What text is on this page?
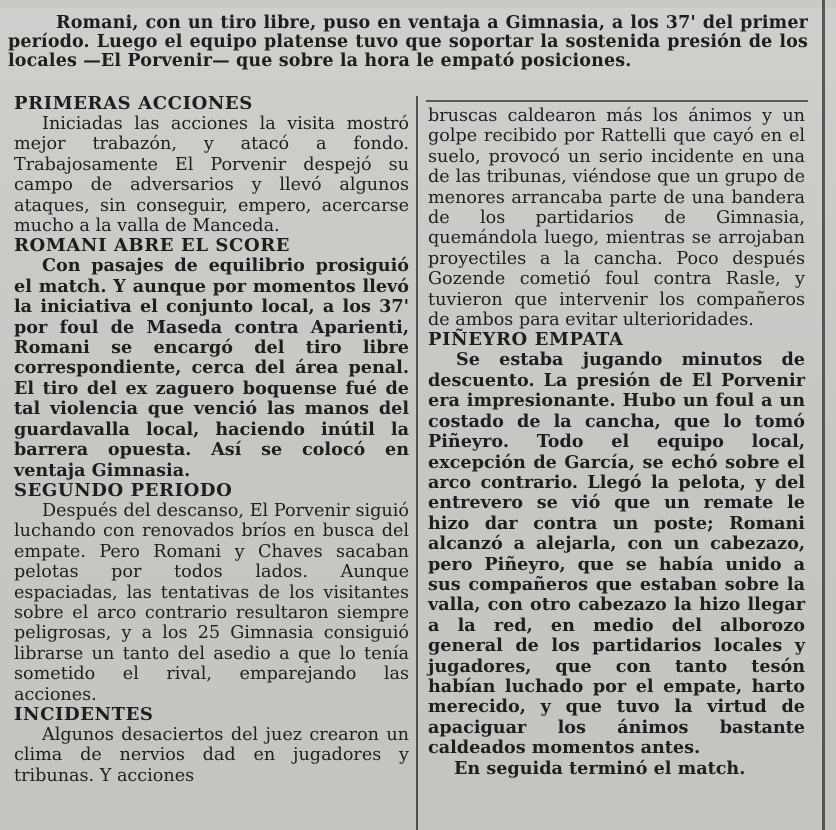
Romani, con un tiro libre, puso en ventaja a Gimnasia, a los 37' del primer período. Luego el equipo platense tuvo que soportar la sostenida presión de los locales —El Porvenir— que sobre la hora le empató posiciones.

PRIMERAS ACCIONES

Iniciadas las acciones la visita mostró mejor trabazón, y atacó a fondo. Trabajosamente El Porvenir despejó su campo de adversarios y llevó algunos ataques, sin conseguir, empero, acercarse mucho a la valla de Manceda.

ROMANI ABRE EL SCORE

Con pasajes de equilibrio prosiguió el match. Y aunque por momentos llevó la iniciativa el conjunto local, a los 37' por foul de Maseda contra Aparienti, Romani se encargó del tiro libre correspondiente, cerca del área penal. El tiro del ex zaguero boquense fué de tal violencia que venció las manos del guardavalla local, haciendo inútil la barrera opuesta. Así se colocó en ventaja Gimnasia.

SEGUNDO PERIODO

Después del descanso, El Porvenir siguió luchando con renovados bríos en busca del empate. Pero Romani y Chaves sacaban pelotas por todos lados. Aunque espaciadas, las tentativas de los visitantes sobre el arco contrario resultaron siempre peligrosas, y a los 25 Gimnasia consiguió librarse un tanto del asedio a que lo tenía sometido el rival, emparejando las acciones.

INCIDENTES

Algunos desaciertos del juez crearon un clima de nervios dad en jugadores y tribunas. Y acciones

bruscas caldearon más los ánimos y un golpe recibido por Rattelli que cayó en el suelo, provocó un serio incidente en una de las tribunas, viéndose que un grupo de menores arrancaba parte de una bandera de los partidarios de Gimnasia, quemándola luego, mientras se arrojaban proyectiles a la cancha. Poco después Gozende cometió foul contra Rasle, y tuvieron que intervenir los compañeros de ambos para evitar ulterioridades.

PIÑEYRO EMPATA

Se estaba jugando minutos de descuento. La presión de El Porvenir era impresionante. Hubo un foul a un costado de la cancha, que lo tomó Piñeyro. Todo el equipo local, excepción de García, se echó sobre el arco contrario. Llegó la pelota, y del entrevero se vió que un remate le hizo dar contra un poste; Romani alcanzó a alejarla, con un cabezazo, pero Piñeyro, que se había unido a sus compañeros que estaban sobre la valla, con otro cabezazo la hizo llegar a la red, en medio del alborozo general de los partidarios locales y jugadores, que con tanto tesón habían luchado por el empate, harto merecido, y que tuvo la virtud de apaciguar los ánimos bastante caldeados momentos antes.

En seguida terminó el match.
